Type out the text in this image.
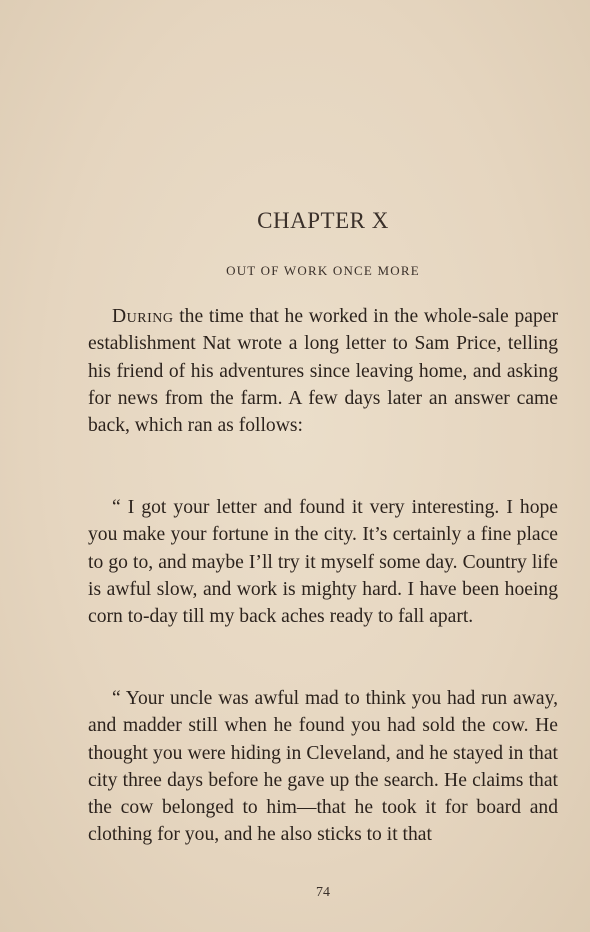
CHAPTER X
OUT OF WORK ONCE MORE
During the time that he worked in the whole-sale paper establishment Nat wrote a long letter to Sam Price, telling his friend of his adventures since leaving home, and asking for news from the farm. A few days later an answer came back, which ran as follows:
“ I got your letter and found it very interesting. I hope you make your fortune in the city. It’s certainly a fine place to go to, and maybe I’ll try it myself some day. Country life is awful slow, and work is mighty hard. I have been hoeing corn to-day till my back aches ready to fall apart.
“ Your uncle was awful mad to think you had run away, and madder still when he found you had sold the cow. He thought you were hiding in Cleveland, and he stayed in that city three days before he gave up the search. He claims that the cow belonged to him—that he took it for board and clothing for you, and he also sticks to it that
74
